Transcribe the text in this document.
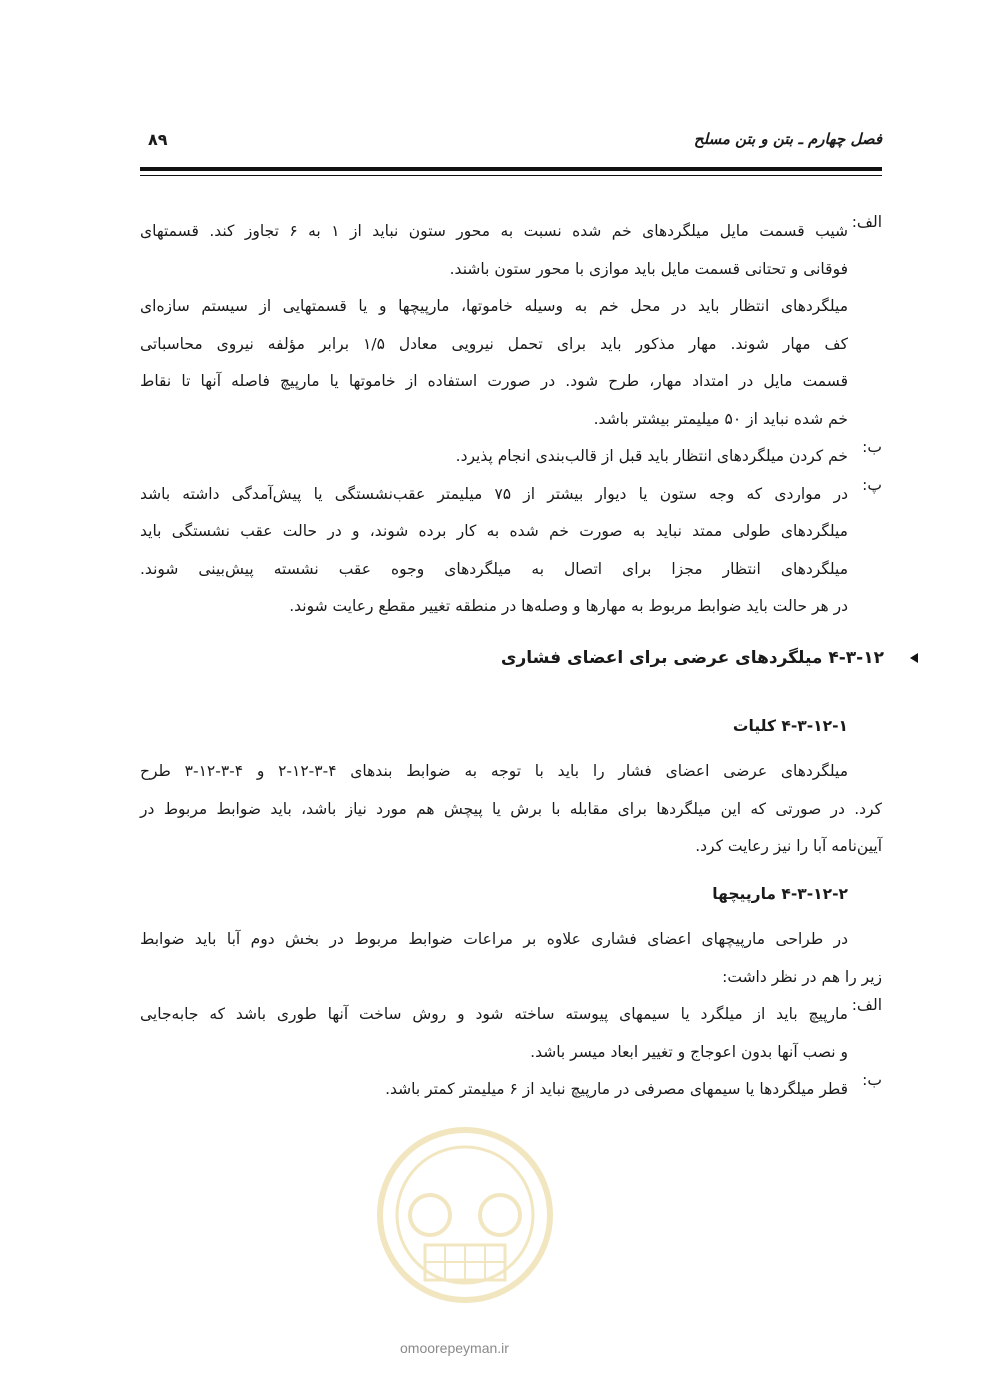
فصل چهارم ـ بتن و بتن مسلح
۸۹
الف:
شیب قسمت مایل میلگردهای خم شده نسبت به محور ستون نباید از ۱ به ۶ تجاوز کند. قسمتهای
فوقانی و تحتانی قسمت مایل باید موازی با محور ستون باشند.
میلگردهای انتظار باید در محل خم به وسیله خاموتها، مارپیچها و یا قسمتهایی از سیستم سازه‌ای
کف مهار شوند. مهار مذکور باید برای تحمل نیرویی معادل ۱/۵ برابر مؤلفه نیروی محاسباتی
قسمت مایل در امتداد مهار، طرح شود. در صورت استفاده از خاموتها یا مارپیچ فاصله آنها تا نقاط
خم شده نباید از ۵۰ میلیمتر بیشتر باشد.
ب:
خم کردن میلگردهای انتظار باید قبل از قالب‌بندی انجام پذیرد.
پ:
در مواردی که وجه ستون یا دیوار بیشتر از ۷۵ میلیمتر عقب‌نشستگی یا پیش‌آمدگی داشته باشد
میلگردهای طولی ممتد نباید به صورت خم شده به کار برده شوند، و در حالت عقب نشستگی باید
میلگردهای انتظار مجزا برای اتصال به میلگردهای وجوه عقب نشسته پیش‌بینی شوند.
در هر حالت باید ضوابط مربوط به مهارها و وصله‌ها در منطقه تغییر مقطع رعایت شوند.
۴-۳-۱۲ میلگردهای عرضی برای اعضای فشاری
۴-۳-۱۲-۱ کلیات
میلگردهای عرضی اعضای فشار را باید با توجه به ضوابط بندهای ۴-۳-۱۲-۲ و ۴-۳-۱۲-۳ طرح
کرد. در صورتی که این میلگردها برای مقابله با برش یا پیچش هم مورد نیاز باشد، باید ضوابط مربوط در
آیین‌نامه آبا را نیز رعایت کرد.
۴-۳-۱۲-۲ مارپیچها
در طراحی مارپیچهای اعضای فشاری علاوه بر مراعات ضوابط مربوط در بخش دوم آبا باید ضوابط
زیر را هم در نظر داشت:
الف:
مارپیچ باید از میلگرد یا سیمهای پیوسته ساخته شود و روش ساخت آنها طوری باشد که جابه‌جایی
و نصب آنها بدون اعوجاج و تغییر ابعاد میسر باشد.
ب:
قطر میلگردها یا سیمهای مصرفی در مارپیچ نباید از ۶ میلیمتر کمتر باشد.
omoorepeyman.ir
